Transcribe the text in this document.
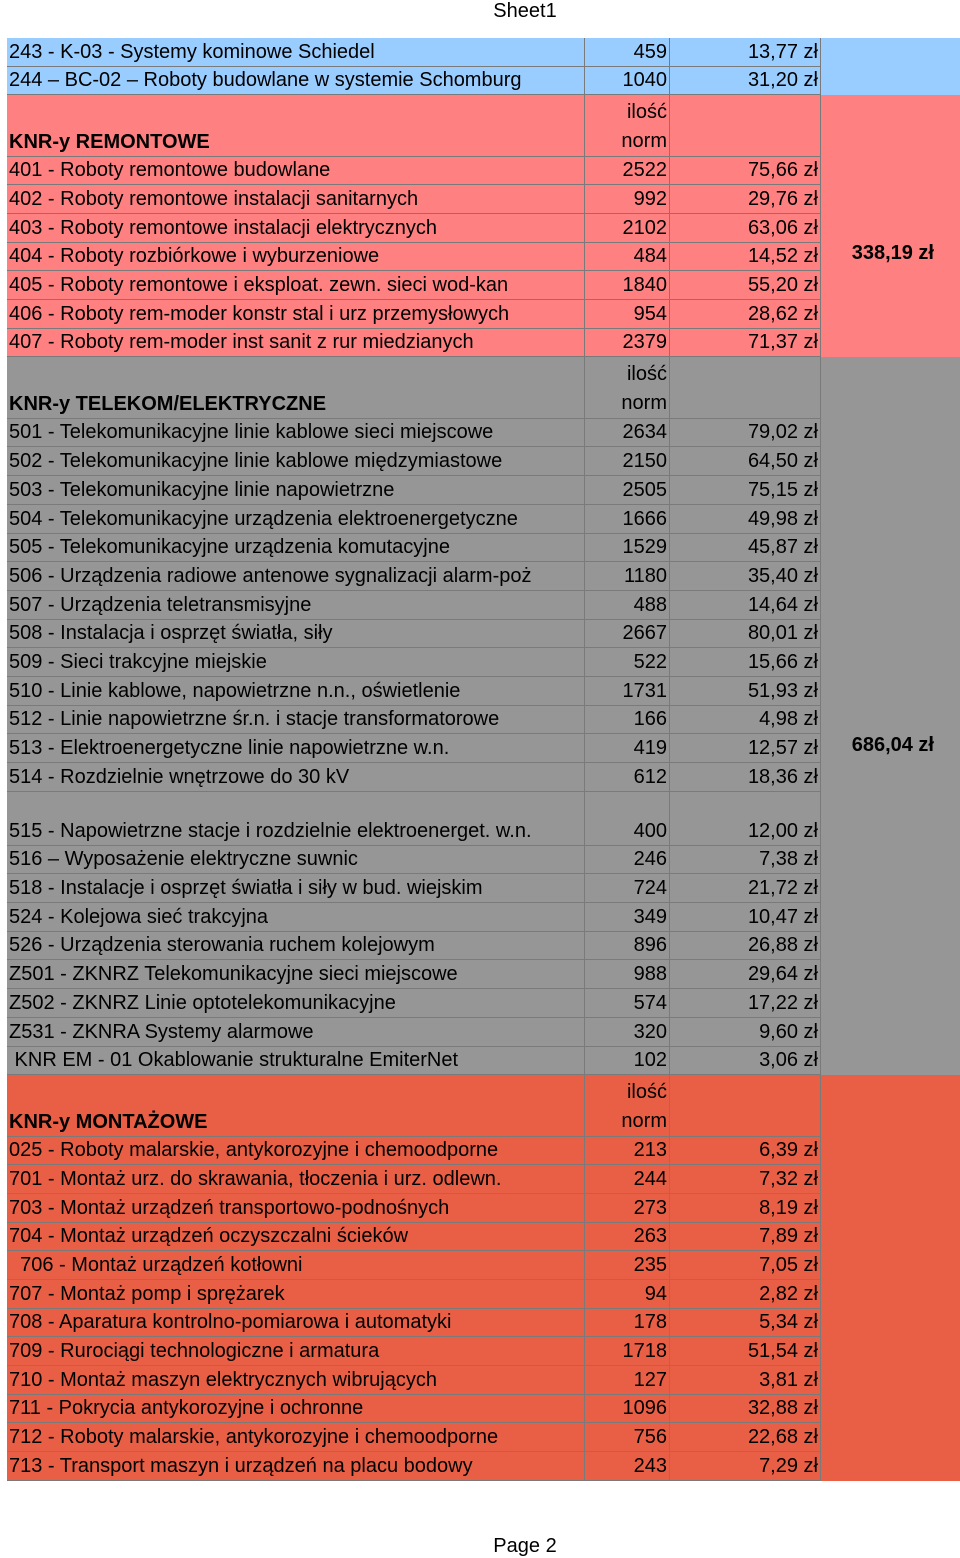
Sheet1
243 - K-03 - Systemy kominowe Schiedel	459	13,77 zł
244 – BC-02 – Roboty budowlane w systemie Schomburg	1040	31,20 zł
KNR-y REMONTOWE
ilość
norm
401 - Roboty remontowe budowlane	2522	75,66 zł
402 - Roboty remontowe instalacji sanitarnych	992	29,76 zł
403 - Roboty remontowe instalacji elektrycznych	2102	63,06 zł
404 - Roboty rozbiórkowe i wyburzeniowe	484	14,52 zł
405 - Roboty remontowe i eksploat. zewn. sieci wod-kan	1840	55,20 zł
406 - Roboty rem-moder konstr stal i urz przemysłowych	954	28,62 zł
407 - Roboty rem-moder inst sanit z rur miedzianych	2379	71,37 zł
338,19 zł
KNR-y TELEKOM/ELEKTRYCZNE
ilość
norm
501 - Telekomunikacyjne linie kablowe sieci miejscowe	2634	79,02 zł
502 - Telekomunikacyjne linie kablowe międzymiastowe	2150	64,50 zł
503 - Telekomunikacyjne linie napowietrzne	2505	75,15 zł
504 - Telekomunikacyjne urządzenia elektroenergetyczne	1666	49,98 zł
505 - Telekomunikacyjne urządzenia komutacyjne	1529	45,87 zł
506 - Urządzenia radiowe antenowe sygnalizacji alarm-poż	1180	35,40 zł
507 - Urządzenia teletransmisyjne	488	14,64 zł
508 - Instalacja i osprzęt światła, siły	2667	80,01 zł
509 - Sieci trakcyjne miejskie	522	15,66 zł
510 - Linie kablowe, napowietrzne n.n., oświetlenie	1731	51,93 zł
512 - Linie napowietrzne śr.n. i stacje transformatorowe	166	4,98 zł
513 - Elektroenergetyczne linie napowietrzne w.n.	419	12,57 zł
514 - Rozdzielnie wnętrzowe do 30 kV	612	18,36 zł
515 - Napowietrzne stacje i rozdzielnie elektroenerget. w.n.	400	12,00 zł
516 – Wyposażenie elektryczne suwnic	246	7,38 zł
518 - Instalacje i osprzęt światła i siły w bud. wiejskim	724	21,72 zł
524 - Kolejowa sieć trakcyjna	349	10,47 zł
526 - Urządzenia sterowania ruchem kolejowym	896	26,88 zł
Z501 - ZKNRZ Telekomunikacyjne sieci miejscowe	988	29,64 zł
Z502 - ZKNRZ Linie optotelekomunikacyjne	574	17,22 zł
Z531 - ZKNRA Systemy alarmowe	320	9,60 zł
KNR EM - 01 Okablowanie strukturalne EmiterNet	102	3,06 zł
686,04 zł
KNR-y MONTAŻOWE
ilość
norm
025 - Roboty malarskie, antykorozyjne i chemoodporne	213	6,39 zł
701 - Montaż urz. do skrawania, tłoczenia i urz. odlewn.	244	7,32 zł
703 - Montaż urządzeń transportowo-podnośnych	273	8,19 zł
704 - Montaż urządzeń oczyszczalni ścieków	263	7,89 zł
706 - Montaż urządzeń kotłowni	235	7,05 zł
707 - Montaż pomp i sprężarek	94	2,82 zł
708 - Aparatura kontrolno-pomiarowa i automatyki	178	5,34 zł
709 - Rurociągi technologiczne i armatura	1718	51,54 zł
710 - Montaż maszyn elektrycznych wibrujących	127	3,81 zł
711 - Pokrycia antykorozyjne i ochronne	1096	32,88 zł
712 - Roboty malarskie, antykorozyjne i chemoodporne	756	22,68 zł
713 - Transport maszyn i urządzeń na placu bodowy	243	7,29 zł
Page 2
